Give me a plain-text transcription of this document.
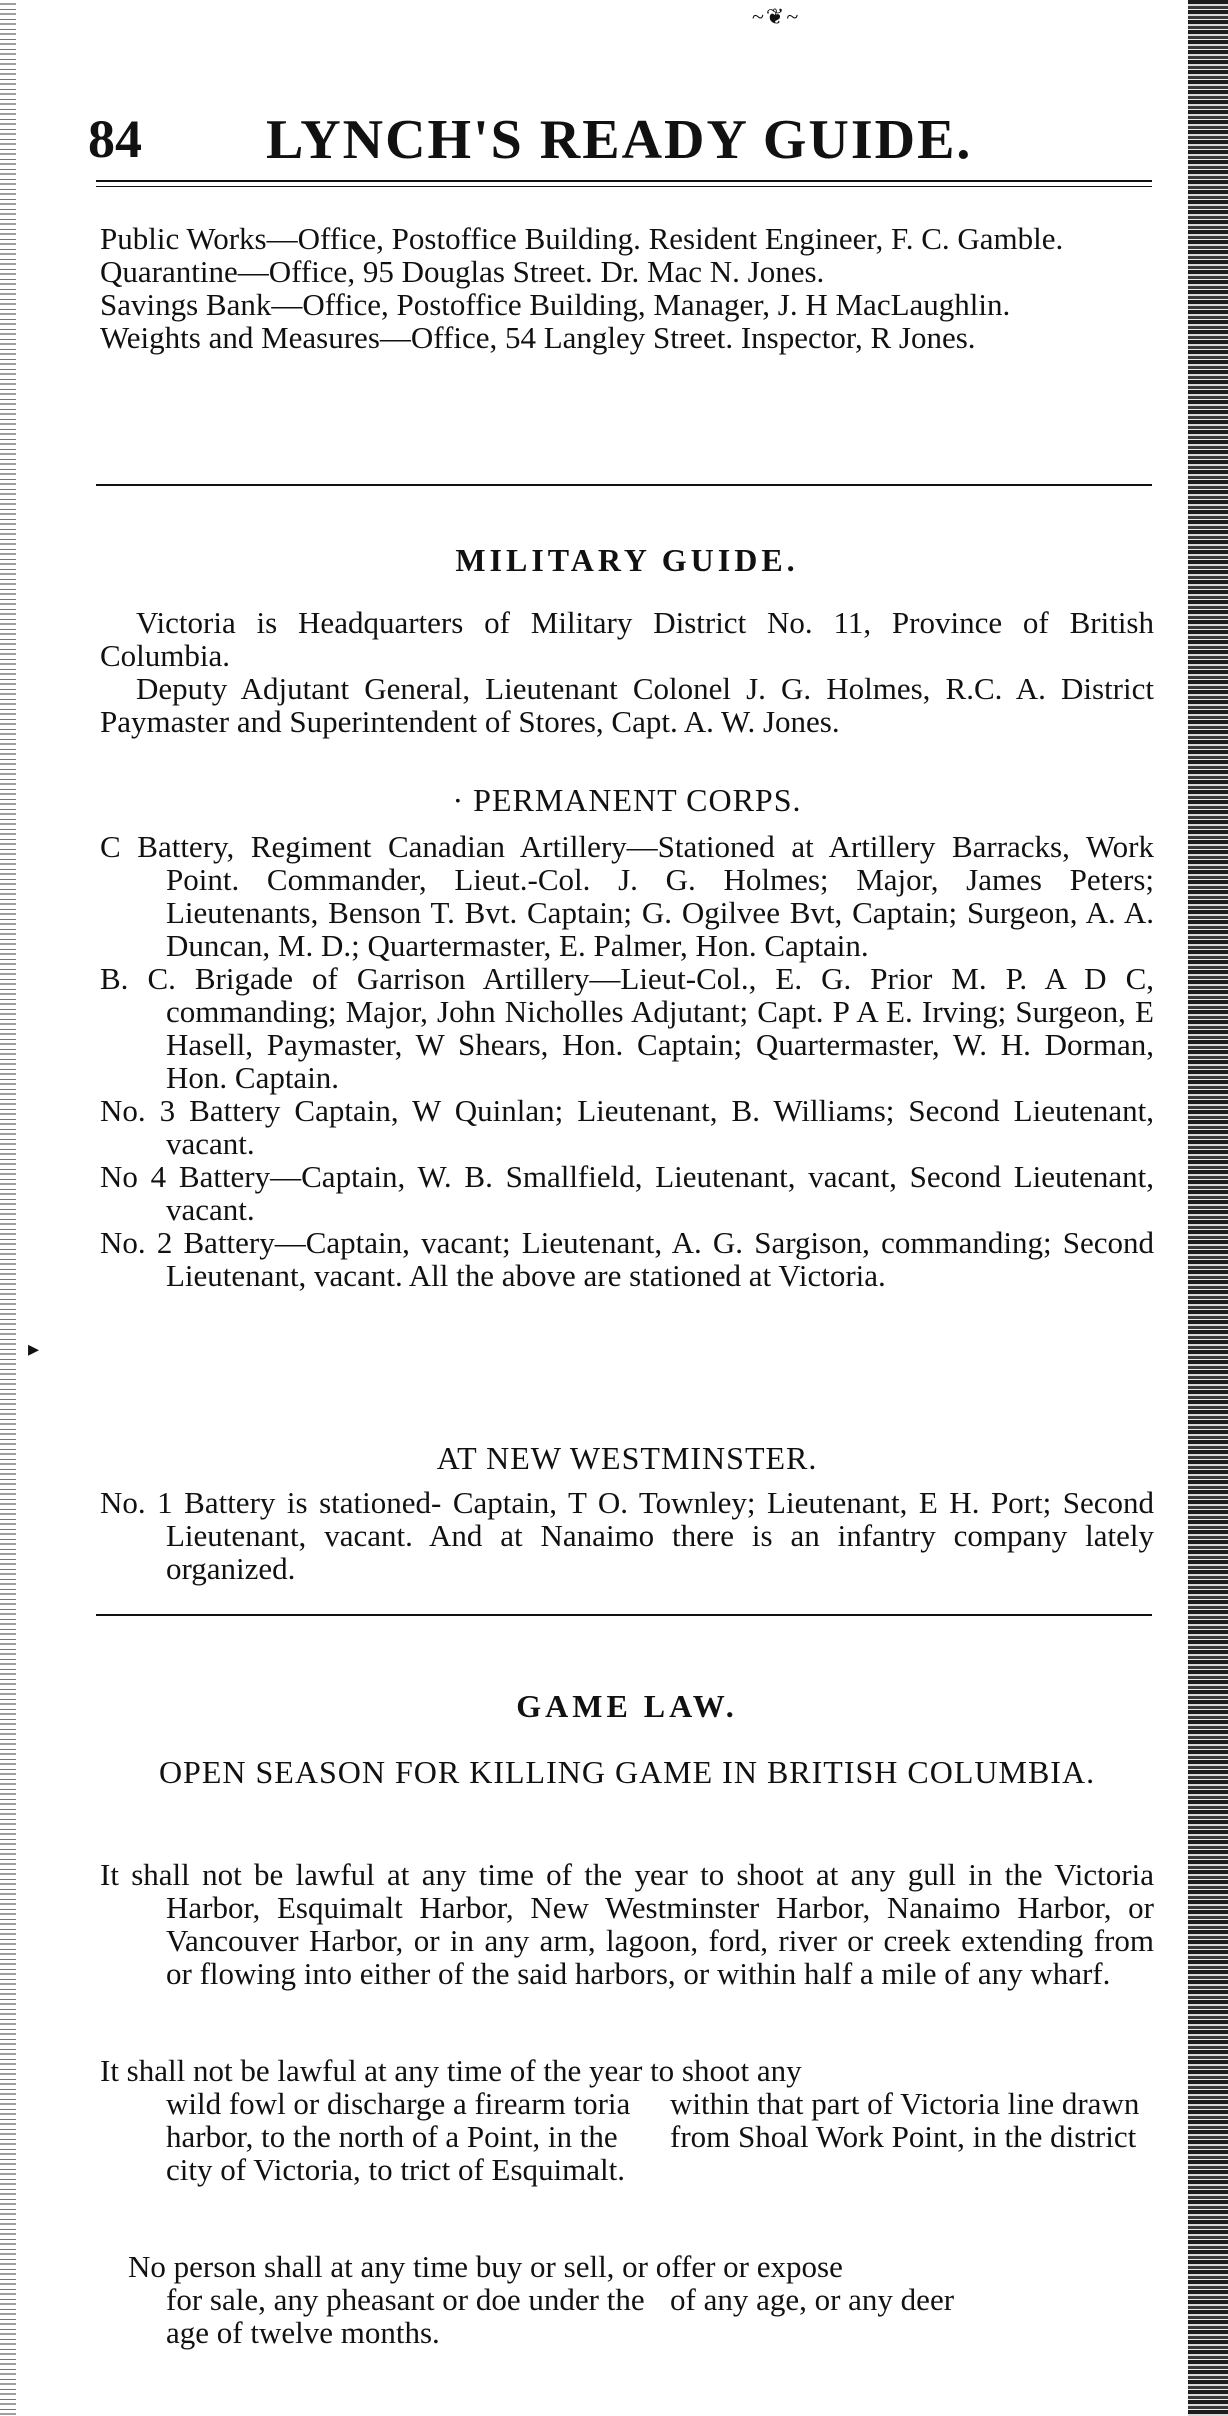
~❦~
84 LYNCH'S READY GUIDE.

Public Works—Office, Postoffice Building. Resident Engineer, F. C. Gamble.

Quarantine—Office, 95 Douglas Street. Dr. Mac N. Jones.

Savings Bank—Office, Postoffice Building, Manager, J. H MacLaughlin.

Weights and Measures—Office, 54 Langley Street. Inspector, R Jones.

MILITARY GUIDE.

Victoria is Headquarters of Military District No. 11, Province of British Columbia.

Deputy Adjutant General, Lieutenant Colonel J. G. Holmes, R.C. A. District Paymaster and Superintendent of Stores, Capt. A. W. Jones.

· PERMANENT CORPS.

C Battery, Regiment Canadian Artillery—Stationed at Artillery Barracks, Work Point. Commander, Lieut.-Col. J. G. Holmes; Major, James Peters; Lieutenants, Benson T. Bvt. Captain; G. Ogilvee Bvt, Captain; Surgeon, A. A. Duncan, M. D.; Quartermaster, E. Palmer, Hon. Captain.

B. C. Brigade of Garrison Artillery—Lieut-Col., E. G. Prior M. P. A D C, commanding; Major, John Nicholles Adjutant; Capt. P A E. Irving; Surgeon, E Hasell, Paymaster, W Shears, Hon. Captain; Quartermaster, W. H. Dorman, Hon. Captain.

No. 3 Battery Captain, W Quinlan; Lieutenant, B. Williams; Second Lieutenant, vacant.

No 4 Battery—Captain, W. B. Smallfield, Lieutenant, vacant, Second Lieutenant, vacant.

No. 2 Battery—Captain, vacant; Lieutenant, A. G. Sargison, commanding; Second Lieutenant, vacant. All the above are stationed at Victoria.

AT NEW WESTMINSTER.

No. 1 Battery is stationed- Captain, T O. Townley; Lieutenant, E H. Port; Second Lieutenant, vacant. And at Nanaimo there is an infantry company lately organized.

GAME LAW.
OPEN SEASON FOR KILLING GAME IN BRITISH COLUMBIA.

It shall not be lawful at any time of the year to shoot at any gull in the Victoria Harbor, Esquimalt Harbor, New Westminster Harbor, Nanaimo Harbor, or Vancouver Harbor, or in any arm, lagoon, ford, river or creek extending from or flowing into either of the said harbors, or within half a mile of any wharf.

It shall not be lawful at any time of the year to shoot any

wild fowl or discharge a firearm toria harbor, to the north of a Point, in the city of Victoria, to trict of Esquimalt.
within that part of Victoria line drawn from Shoal Work Point, in the district

No person shall at any time buy or sell, or offer or expose

for sale, any pheasant or doe under the age of twelve months.
of any age, or any deer
▸
